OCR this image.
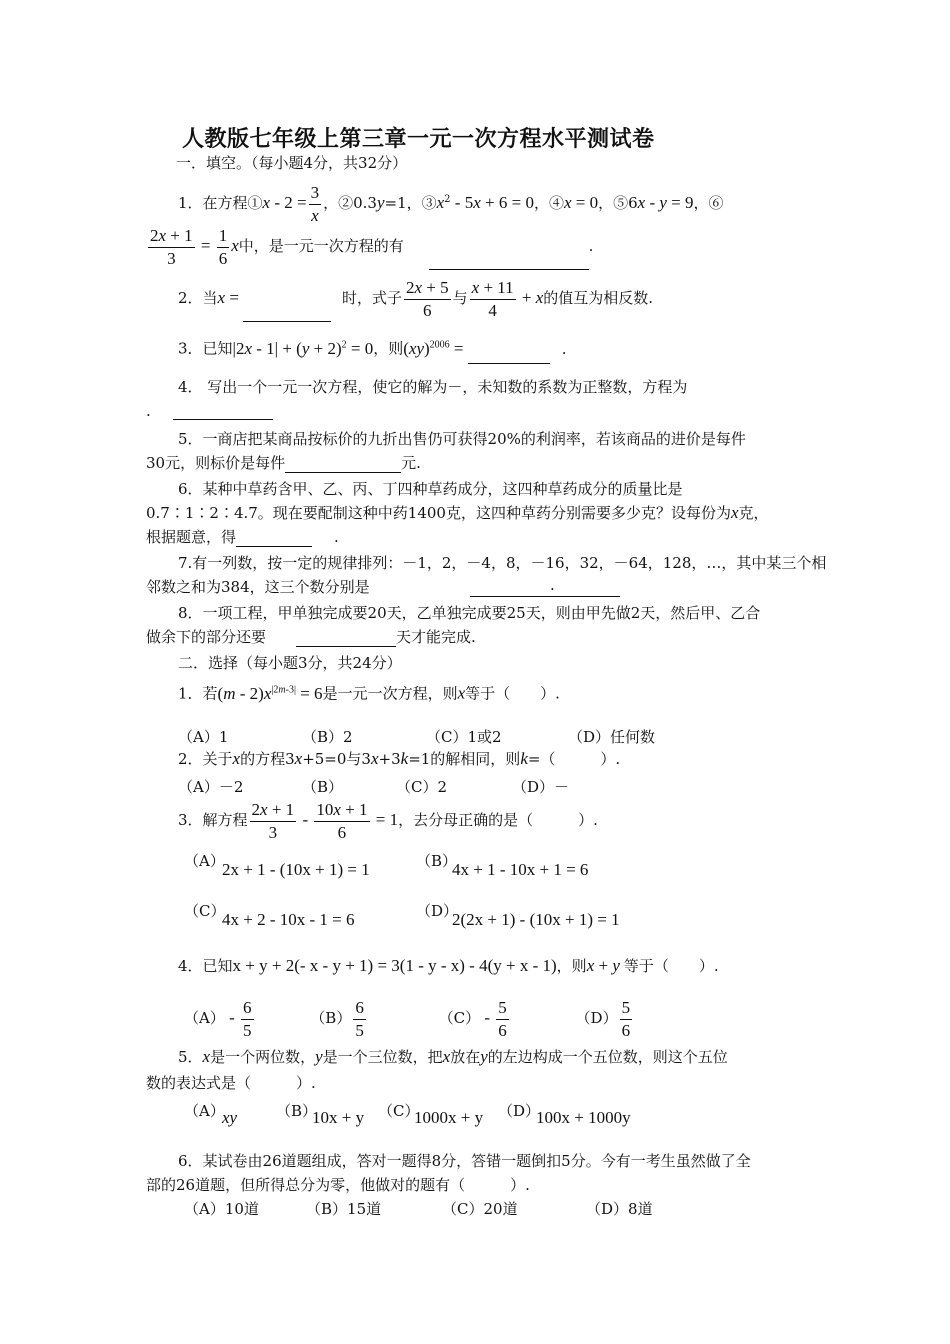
人教版七年级上第三章一元一次方程水平测试卷
一．填空。（每小题4分，共32分）
1．在方程①x - $2 = \frac{3}{x}$ ，②0.3y=1，$③x^2 - 5x + 6 = 0$，④x = 0，⑤6x - y = 9，⑥
$\frac{2x + 1}{3} = \frac{1}{6}$ x中，是一元一次方程的有	.
2．当x =	时，式子 $\frac{2x + 5}{6}$ 与 $\frac{x + 11}{4} + x$的值互为相反数.
3．已知$|2x - 1| + (y + 2)^2 = 0$，则(xy)$^{2006}$ =	.
4． 写出一个一元一次方程，使它的解为－，未知数的系数为正整数，方程为
.
5．一商店把某商品按标价的九折出售仍可获得20%的利润率，若该商品的进价是每件
30元，则标价是每件	元.
6．某种中草药含甲、乙、丙、丁四种草药成分，这四种草药成分的质量比是
0.7∶1∶2∶4.7。现在要配制这种中药1400克，这四种草药分别需要多少克？设每份为x克，
根据题意，得	.
7.有一列数，按一定的规律排列：－1，2，－4，8，－16，32，－64，128，…，其中某三个相
邻数之和为384，这三个数分别是	.
8．一项工程，甲单独完成要20天，乙单独完成要25天，则由甲先做2天，然后甲、乙合
做余下的部分还要	天才能完成.
二．选择（每小题3分，共24分）
1．若$(m - 2)x^{|2m-3|} = 6$是一元一次方程，则x等于（　　）.
（A）1	（B）2	（C）1或2	（D）任何数
2．关于x的方程3x+5=0与3x+3k=1的解相同，则k=（　　　）.
（A）－2	（B）	（C）2	（D）－
3．解方程 $\frac{2x + 1}{3} - \frac{10x + 1}{6} = 1$，去分母正确的是（　　　）.
（A）
2x + 1 - (10x + 1) = 1	（B）
4x + 1 - 10x + 1 = 6
（C）
4x + 2 - 10x - 1 = 6	（D）
2(2x + 1) - (10x + 1) = 1
4．已知x + y + 2(- x - y + 1) = 3(1 - y - x) - 4(y + x - 1)，则x + y 等于（　　）.
$(A) - \frac{6}{5}$	$(B) \frac{6}{5}$	$(C) - \frac{5}{6}$	$(D) \frac{5}{6}$
5．x是一个两位数，y是一个三位数，把x放在y的左边构成一个五位数，则这个五位
数的表达式是（　　　）.
（A）
xy	（B）
10x + y （C）
1000x + y （D）
100x + 1000y
6．某试卷由26道题组成，答对一题得8分，答错一题倒扣5分。今有一考生虽然做了全
部的26道题，但所得总分为零，他做对的题有（　　　）.
（A）10道	（B）15道	（C）20道	（D）8道
